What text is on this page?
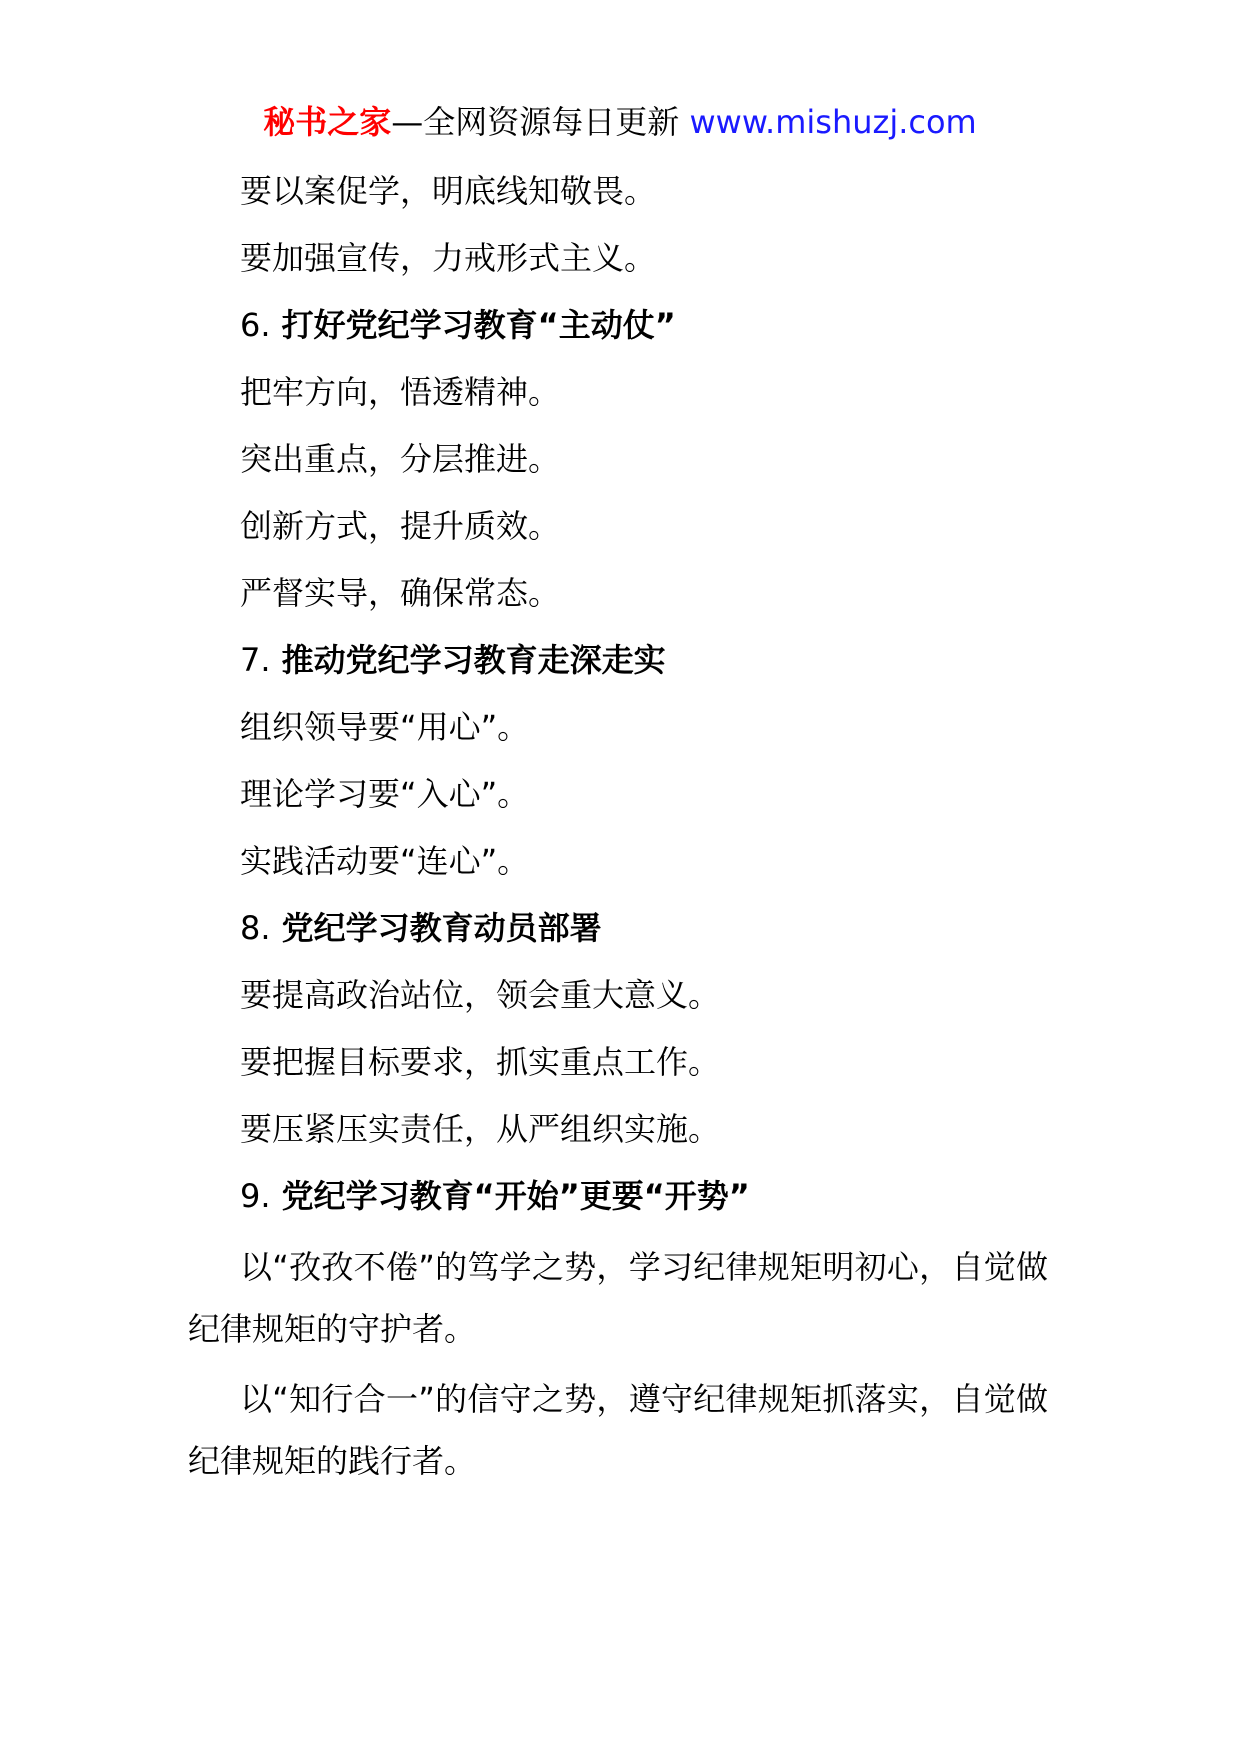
秘书之家—全网资源每日更新 www.mishuzj.com

要以案促学，明底线知敬畏。

要加强宣传，力戒形式主义。

6. 打好党纪学习教育“主动仗”

把牢方向，悟透精神。

突出重点，分层推进。

创新方式，提升质效。

严督实导，确保常态。

7. 推动党纪学习教育走深走实

组织领导要“用心”。

理论学习要“入心”。

实践活动要“连心”。

8. 党纪学习教育动员部署

要提高政治站位，领会重大意义。

要把握目标要求，抓实重点工作。

要压紧压实责任，从严组织实施。

9. 党纪学习教育“开始”更要“开势”

以“孜孜不倦”的笃学之势，学习纪律规矩明初心，自觉做纪律规矩的守护者。

以“知行合一”的信守之势，遵守纪律规矩抓落实，自觉做纪律规矩的践行者。
